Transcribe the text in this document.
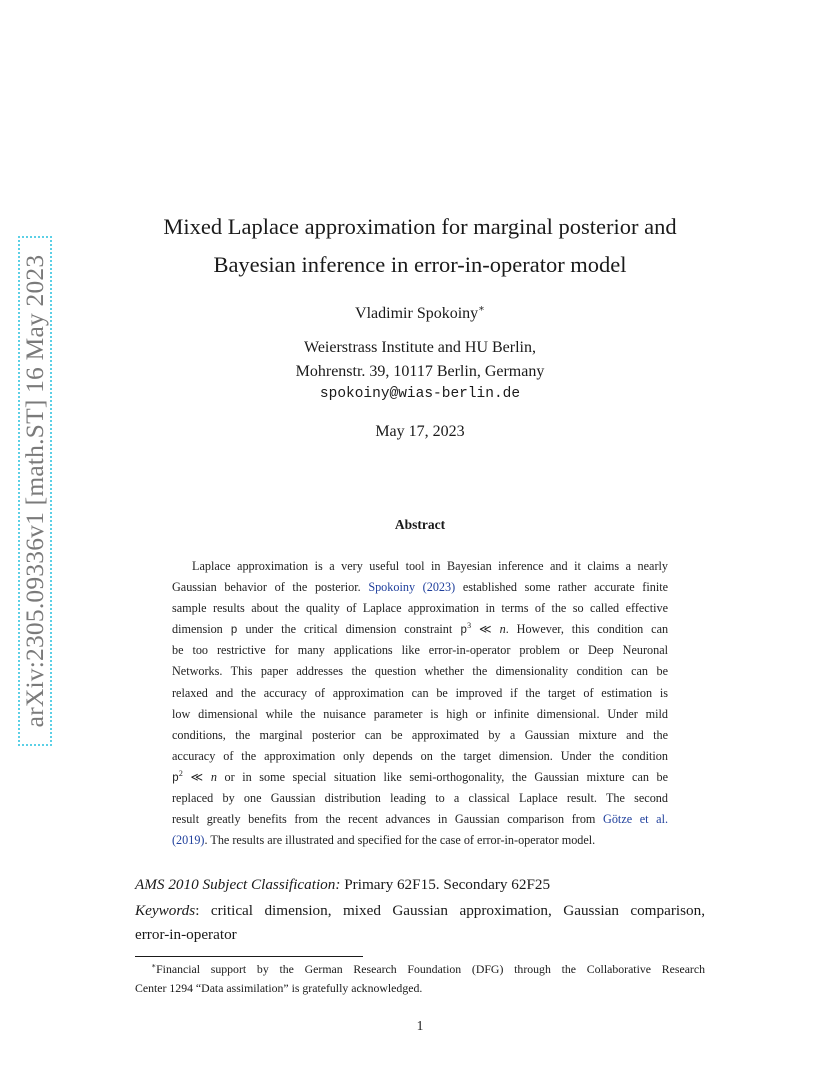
arXiv:2305.09336v1 [math.ST] 16 May 2023
Mixed Laplace approximation for marginal posterior and
Bayesian inference in error-in-operator model
Vladimir Spokoiny∗
Weierstrass Institute and HU Berlin,
Mohrenstr. 39, 10117 Berlin, Germany
spokoiny@wias-berlin.de
May 17, 2023
Abstract
Laplace approximation is a very useful tool in Bayesian inference and it claims a nearly
Gaussian behavior of the posterior. Spokoiny (2023) established some rather accurate finite
sample results about the quality of Laplace approximation in terms of the so called effective
dimension p under the critical dimension constraint $p^3$ ≪ n. However, this condition can
be too restrictive for many applications like error-in-operator problem or Deep Neuronal
Networks. This paper addresses the question whether the dimensionality condition can be
relaxed and the accuracy of approximation can be improved if the target of estimation is
low dimensional while the nuisance parameter is high or infinite dimensional. Under mild
conditions, the marginal posterior can be approximated by a Gaussian mixture and the
accuracy of the approximation only depends on the target dimension. Under the condition
$p^2$ ≪ n or in some special situation like semi-orthogonality, the Gaussian mixture can be
replaced by one Gaussian distribution leading to a classical Laplace result. The second
result greatly benefits from the recent advances in Gaussian comparison from Götze et al.
(2019). The results are illustrated and specified for the case of error-in-operator model.
AMS 2010 Subject Classification: Primary 62F15. Secondary 62F25
Keywords: critical dimension, mixed Gaussian approximation, Gaussian comparison,
error-in-operator
∗Financial support by the German Research Foundation (DFG) through the Collaborative Research
Center 1294 “Data assimilation” is gratefully acknowledged.
1
